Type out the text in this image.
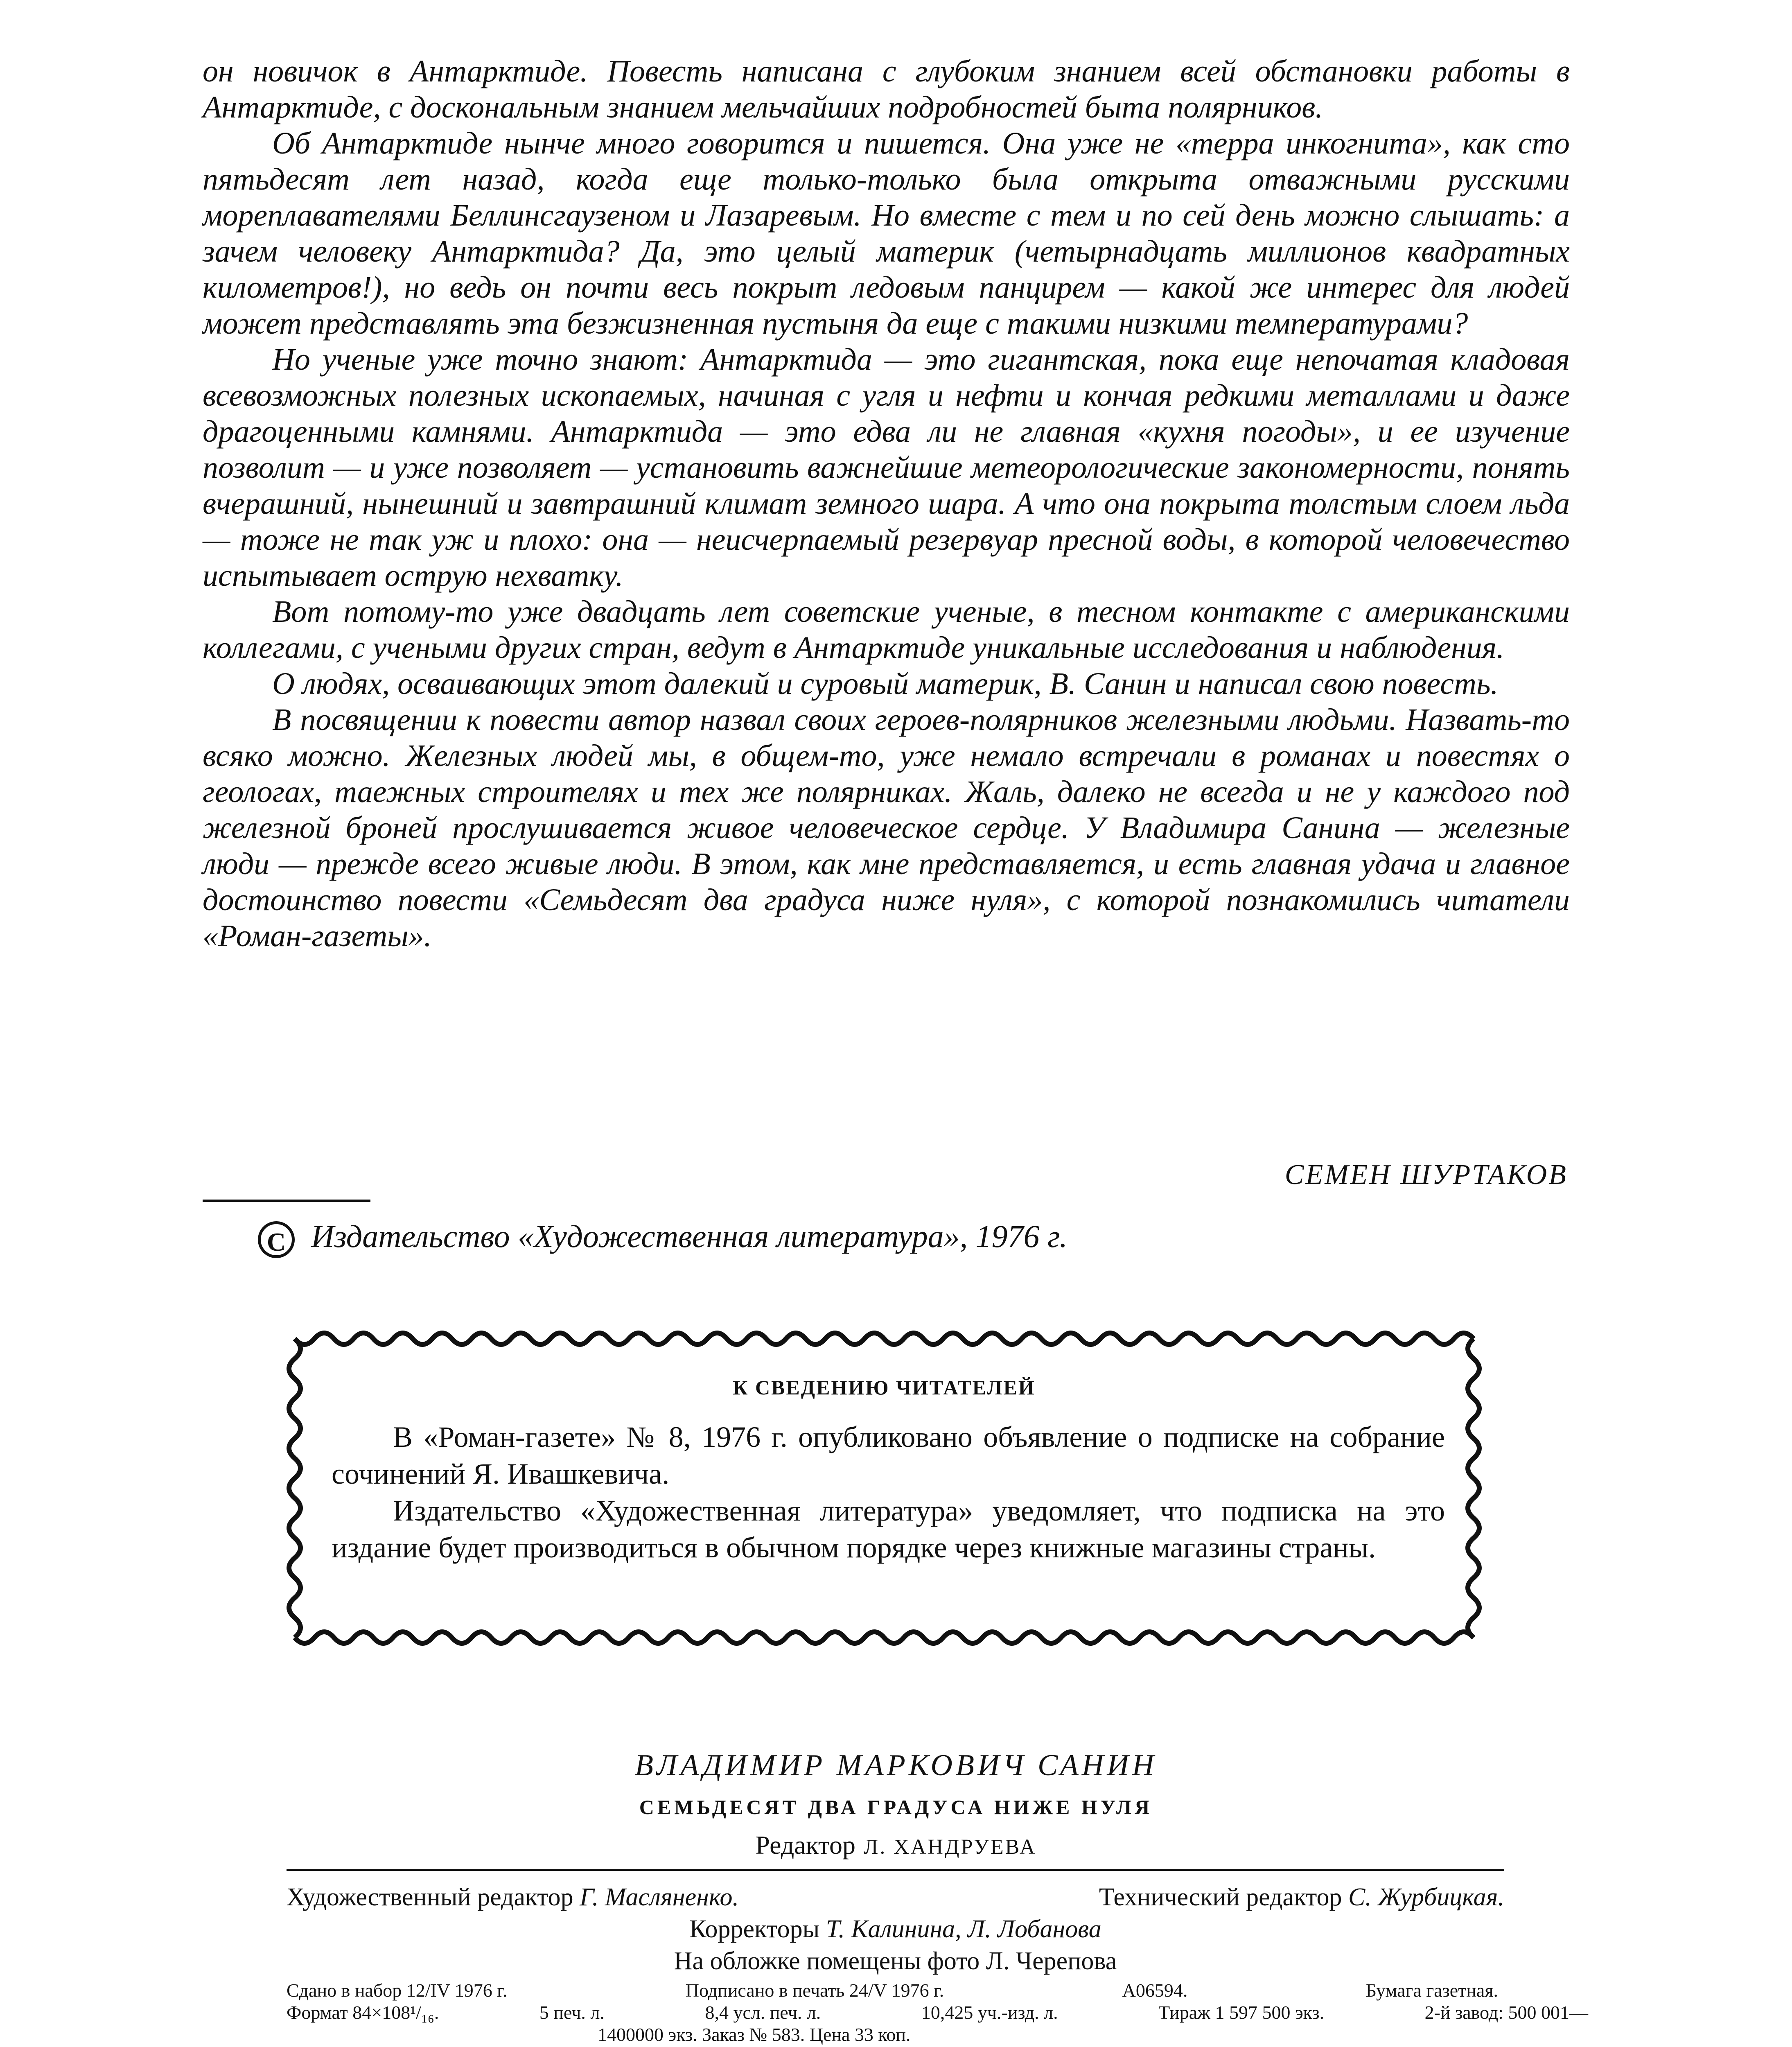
он новичок в Антарктиде. Повесть написана с глубоким знанием всей обстановки работы в Антарктиде, с доскональным знанием мельчайших подробностей быта полярников.

Об Антарктиде нынче много говорится и пишется. Она уже не «терра инкогнита», как сто пятьдесят лет назад, когда еще только-только была открыта отважными русскими мореплавателями Беллинсгаузеном и Лазаревым. Но вместе с тем и по сей день можно слышать: а зачем человеку Антарктида? Да, это целый материк (четырнадцать миллионов квадратных километров!), но ведь он почти весь покрыт ледовым панцирем — какой же интерес для людей может представлять эта безжизненная пустыня да еще с такими низкими температурами?

Но ученые уже точно знают: Антарктида — это гигантская, пока еще непочатая кладовая всевозможных полезных ископаемых, начиная с угля и нефти и кончая редкими металлами и даже драгоценными камнями. Антарктида — это едва ли не главная «кухня погоды», и ее изучение позволит — и уже позволяет — установить важнейшие метеорологические закономерности, понять вчерашний, нынешний и завтрашний климат земного шара. А что она покрыта толстым слоем льда — тоже не так уж и плохо: она — неисчерпаемый резервуар пресной воды, в которой человечество испытывает острую нехватку.

Вот потому-то уже двадцать лет советские ученые, в тесном контакте с американскими коллегами, с учеными других стран, ведут в Антарктиде уникальные исследования и наблюдения.

О людях, осваивающих этот далекий и суровый материк, В. Санин и написал свою повесть.

В посвящении к повести автор назвал своих героев-полярников железными людьми. Назвать-то всяко можно. Железных людей мы, в общем-то, уже немало встречали в романах и повестях о геологах, таежных строителях и тех же полярниках. Жаль, далеко не всегда и не у каждого под железной броней прослушивается живое человеческое сердце. У Владимира Санина — железные люди — прежде всего живые люди. В этом, как мне представляется, и есть главная удача и главное достоинство повести «Семьдесят два градуса ниже нуля», с которой познакомились читатели «Роман-газеты».

СЕМЕН ШУРТАКОВ
C Издательство «Художественная литература», 1976 г.
К СВЕДЕНИЮ ЧИТАТЕЛЕЙ

В «Роман-газете» № 8, 1976 г. опубликовано объявление о подписке на собрание сочинений Я. Ивашкевича.

Издательство «Художественная литература» уведомляет, что подписка на это издание будет производиться в обычном порядке через книжные магазины страны.

ВЛАДИМИР МАРКОВИЧ САНИН
СЕМЬДЕСЯТ ДВА ГРАДУСА НИЖЕ НУЛЯ
Редактор Л. ХАНДРУЕВА
Художественный редактор Г. Масляненко.	Технический редактор С. Журбицкая.
Корректоры Т. Калинина, Л. Лобанова
На обложке помещены фото Л. Черепова
Сдано в набор 12/IV 1976 г.	Подписано в печать 24/V 1976 г.	А06594.	Бумага газетная.
Формат 84×108¹/₁₆.	5 печ. л.	8,4 усл. печ. л.	10,425 уч.-изд. л.	Тираж 1 597 500 экз.	2-й завод: 500 001—
1400000 экз. Заказ № 583. Цена 33 коп.
